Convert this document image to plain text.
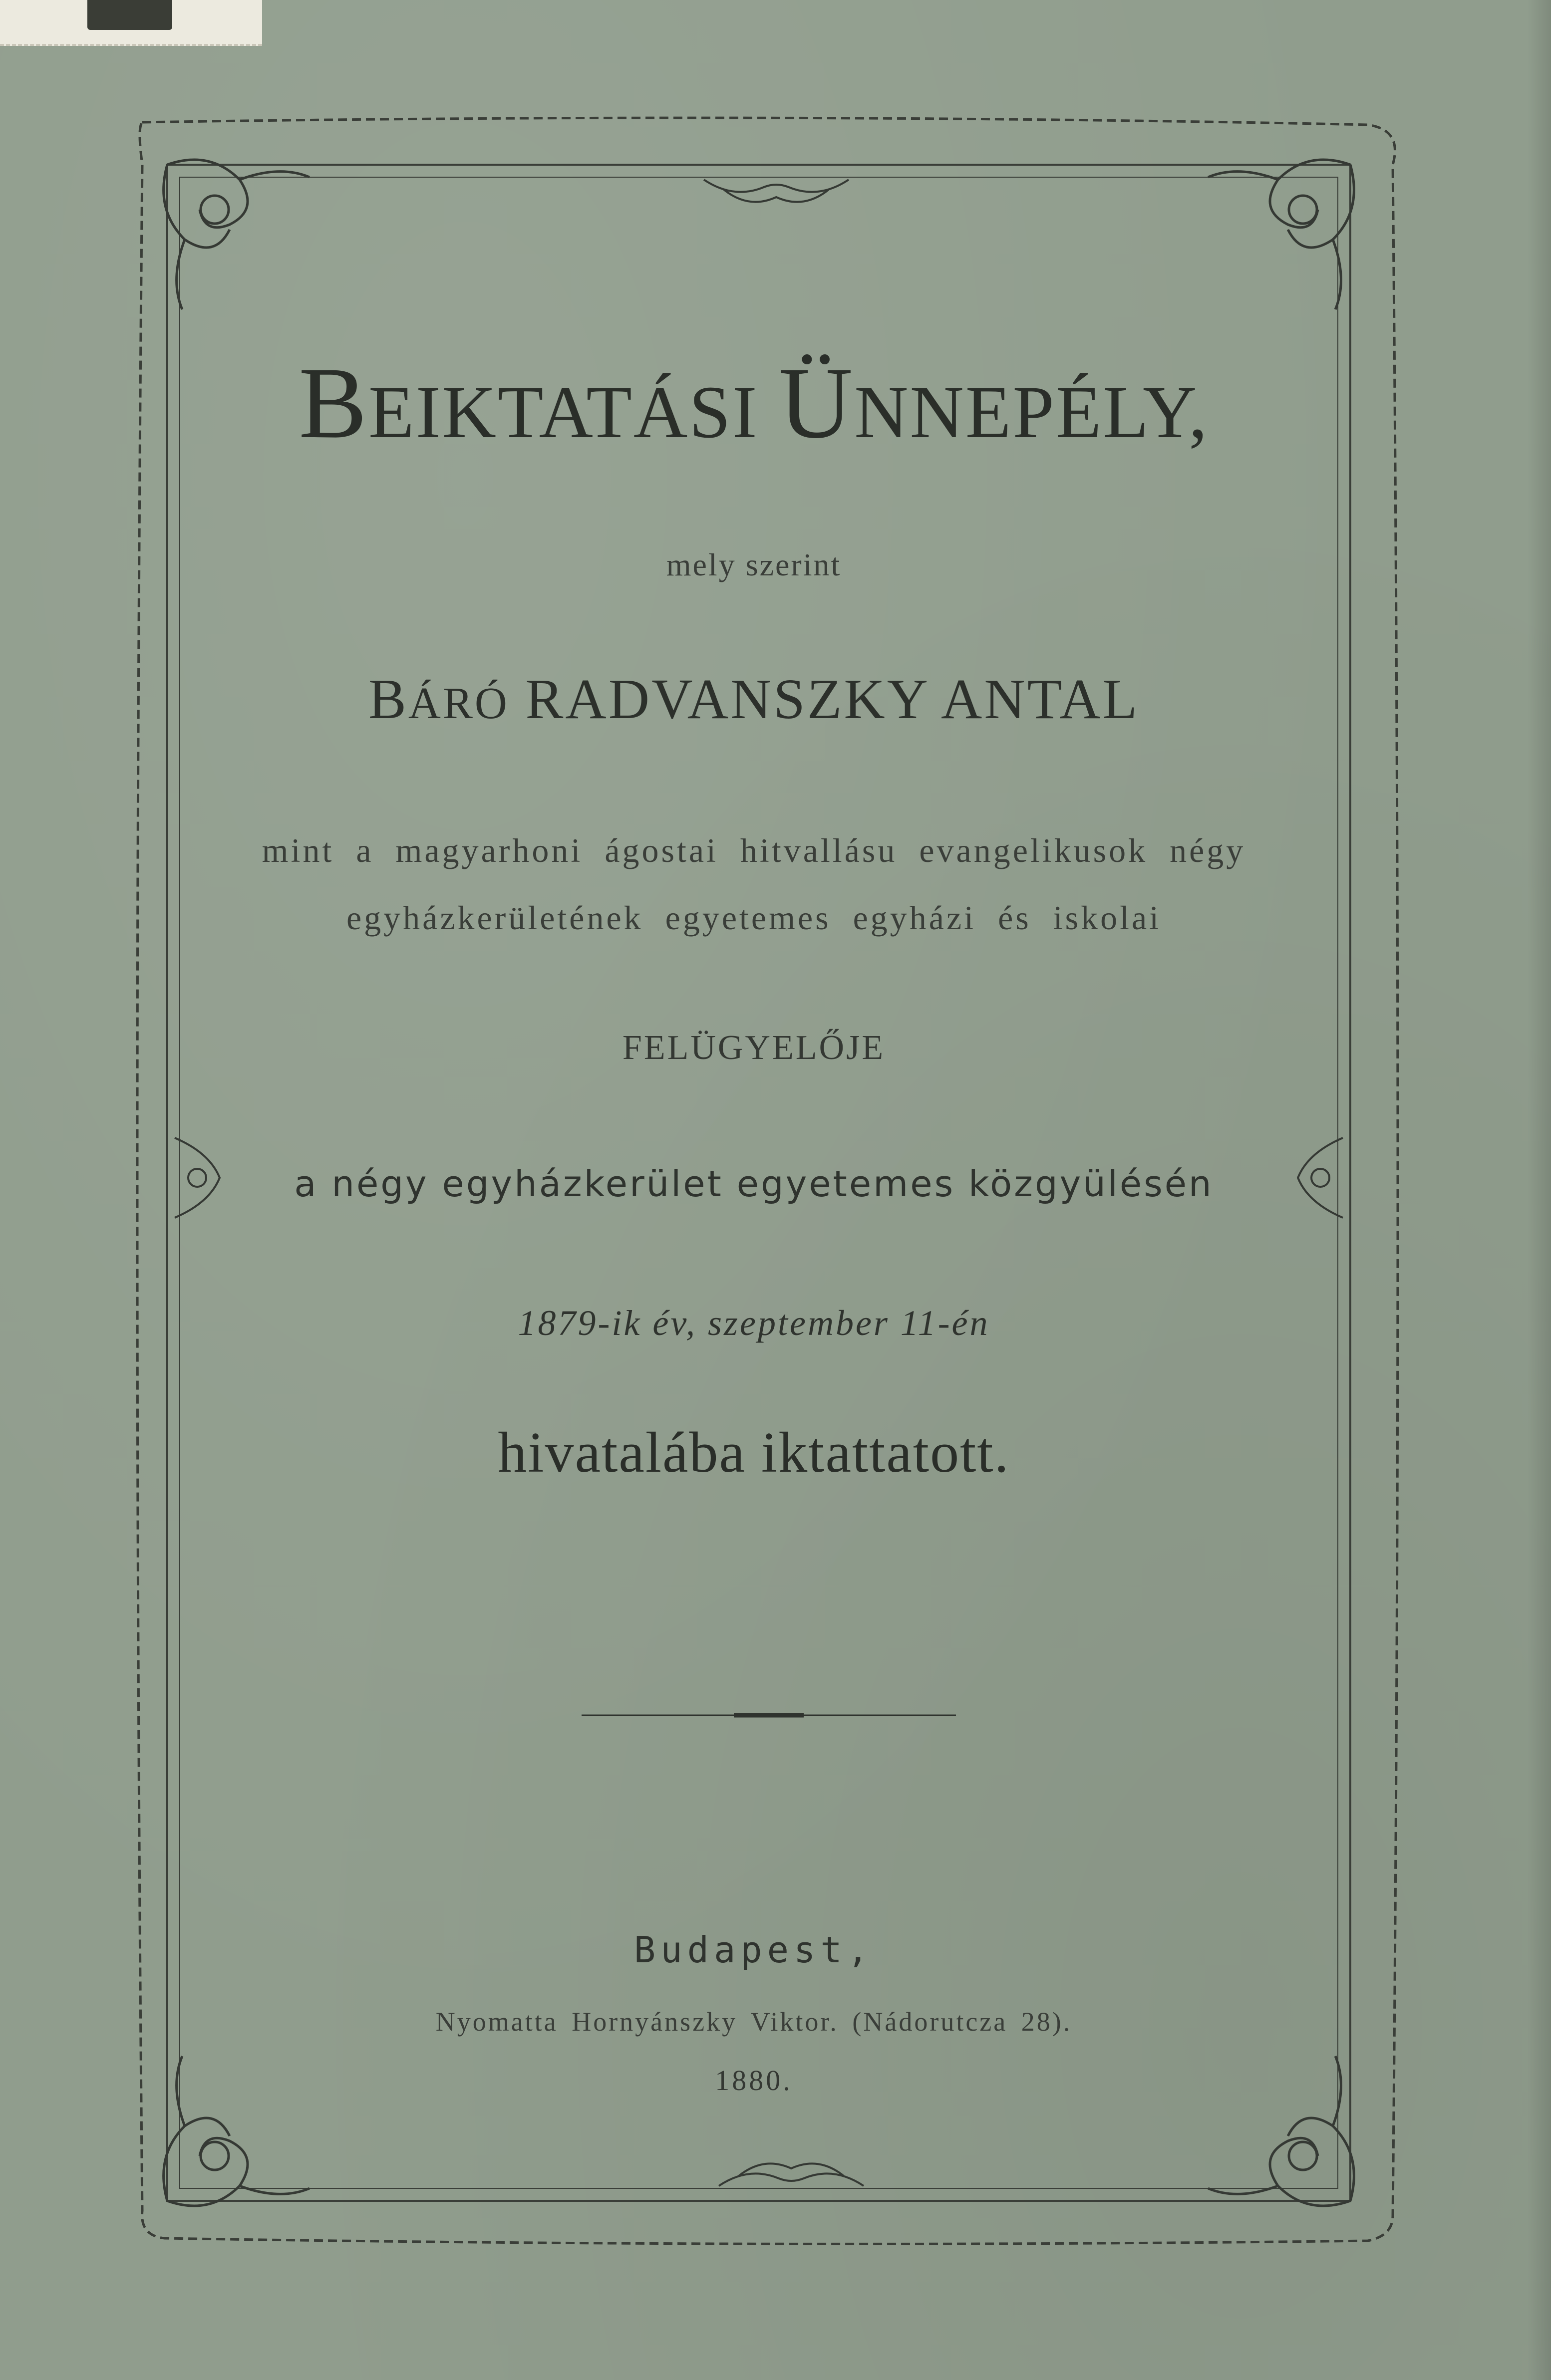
BEIKTATÁSI ÜNNEPÉLY,
mely szerint
BÁRÓ RADVANSZKY ANTAL
mint a magyarhoni ágostai hitvallásu evangelikusok négy
egyházkerületének egyetemes egyházi és iskolai
FELÜGYELŐJE
a négy egyházkerület egyetemes közgyülésén
1879-ik év, szeptember 11-én
hivatalába iktattatott.
Budapest,
Nyomatta Hornyánszky Viktor. (Nádorutcza 28).
1880.
